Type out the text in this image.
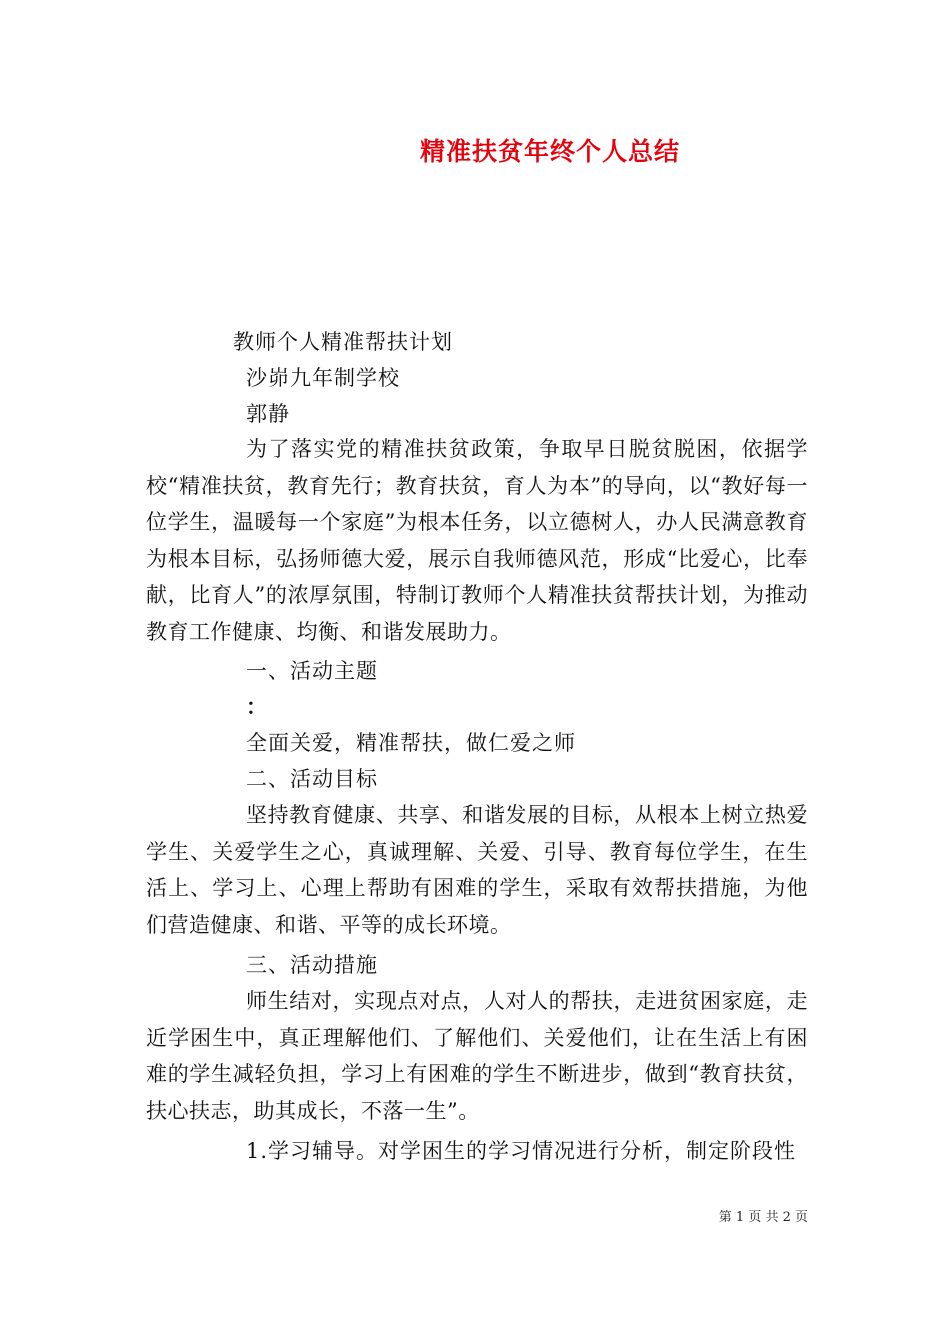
精准扶贫年终个人总结
教师个人精准帮扶计划
沙峁九年制学校
郭静
为了落实党的精准扶贫政策，争取早日脱贫脱困，依据学校“精准扶贫，教育先行；教育扶贫，育人为本”的导向，以“教好每一位学生，温暖每一个家庭”为根本任务，以立德树人，办人民满意教育为根本目标，弘扬师德大爱，展示自我师德风范，形成“比爱心，比奉献，比育人”的浓厚氛围，特制订教师个人精准扶贫帮扶计划，为推动教育工作健康、均衡、和谐发展助力。
一、活动主题
：
全面关爱，精准帮扶，做仁爱之师
二、活动目标
坚持教育健康、共享、和谐发展的目标，从根本上树立热爱学生、关爱学生之心，真诚理解、关爱、引导、教育每位学生，在生活上、学习上、心理上帮助有困难的学生，采取有效帮扶措施，为他们营造健康、和谐、平等的成长环境。
三、活动措施
师生结对，实现点对点，人对人的帮扶，走进贫困家庭，走近学困生中，真正理解他们、了解他们、关爱他们，让在生活上有困难的学生减轻负担，学习上有困难的学生不断进步，做到“教育扶贫，扶心扶志，助其成长，不落一生”。
1.学习辅导。对学困生的学习情况进行分析，制定阶段性
第 1 页 共 2 页
